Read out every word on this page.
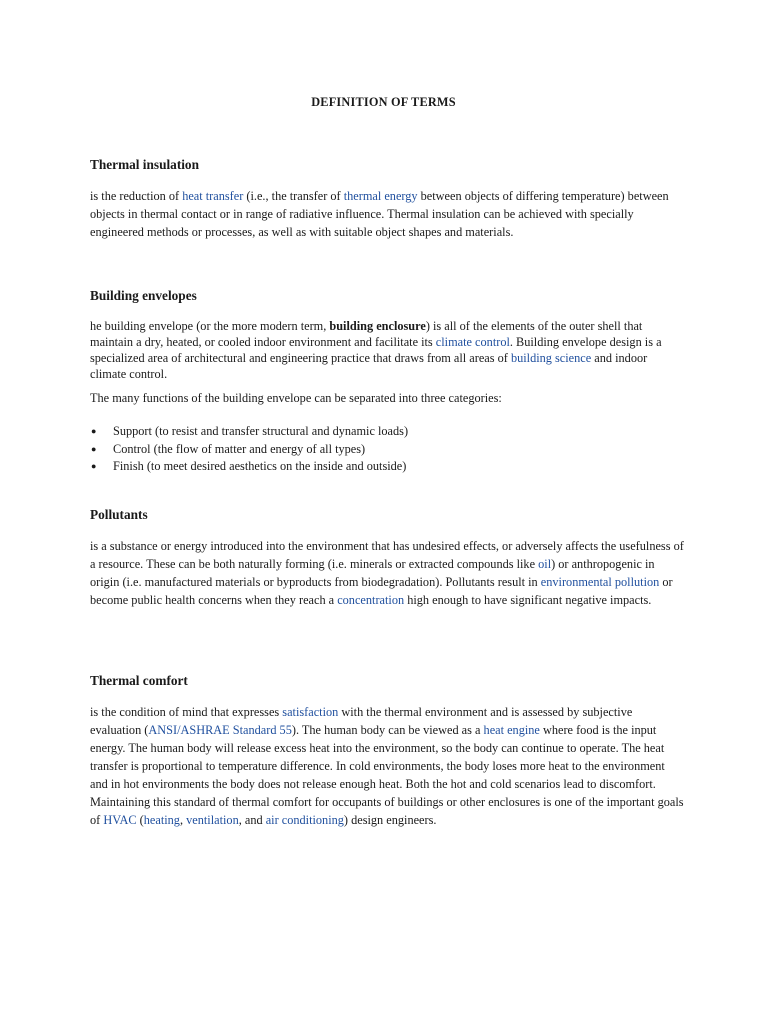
DEFINITION OF TERMS
Thermal insulation

is the reduction of heat transfer (i.e., the transfer of thermal energy between objects of differing temperature) between objects in thermal contact or in range of radiative influence. Thermal insulation can be achieved with specially engineered methods or processes, as well as with suitable object shapes and materials.

Building envelopes

he building envelope (or the more modern term, building enclosure) is all of the elements of the outer shell that maintain a dry, heated, or cooled indoor environment and facilitate its climate control. Building envelope design is a specialized area of architectural and engineering practice that draws from all areas of building science and indoor climate control.

The many functions of the building envelope can be separated into three categories:
● Support (to resist and transfer structural and dynamic loads)
● Control (the flow of matter and energy of all types)
● Finish (to meet desired aesthetics on the inside and outside)
Pollutants

is a substance or energy introduced into the environment that has undesired effects, or adversely affects the usefulness of a resource. These can be both naturally forming (i.e. minerals or extracted compounds like oil) or anthropogenic in origin (i.e. manufactured materials or byproducts from biodegradation). Pollutants result in environmental pollution or become public health concerns when they reach a concentration high enough to have significant negative impacts.

Thermal comfort

is the condition of mind that expresses satisfaction with the thermal environment and is assessed by subjective evaluation (ANSI/ASHRAE Standard 55). The human body can be viewed as a heat engine where food is the input energy. The human body will release excess heat into the environment, so the body can continue to operate. The heat transfer is proportional to temperature difference. In cold environments, the body loses more heat to the environment and in hot environments the body does not release enough heat. Both the hot and cold scenarios lead to discomfort. Maintaining this standard of thermal comfort for occupants of buildings or other enclosures is one of the important goals of HVAC (heating, ventilation, and air conditioning) design engineers.
